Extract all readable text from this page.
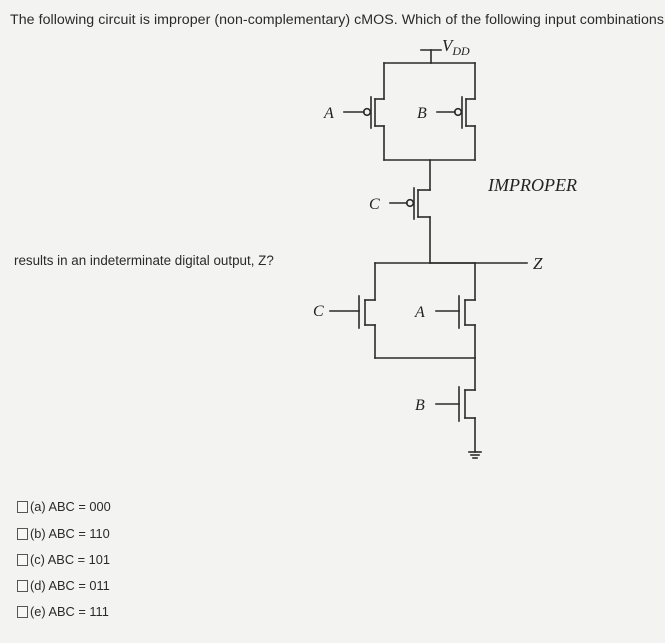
The following circuit is improper (non-complementary) cMOS. Which of the following input combinations
results in an indeterminate digital output, Z?
$V_{DD}$
A	B
C
C	A
B
IMPROPER
Z
(a) ABC = 000
(b) ABC = 110
(c) ABC = 101
(d) ABC = 011
(e) ABC = 111
